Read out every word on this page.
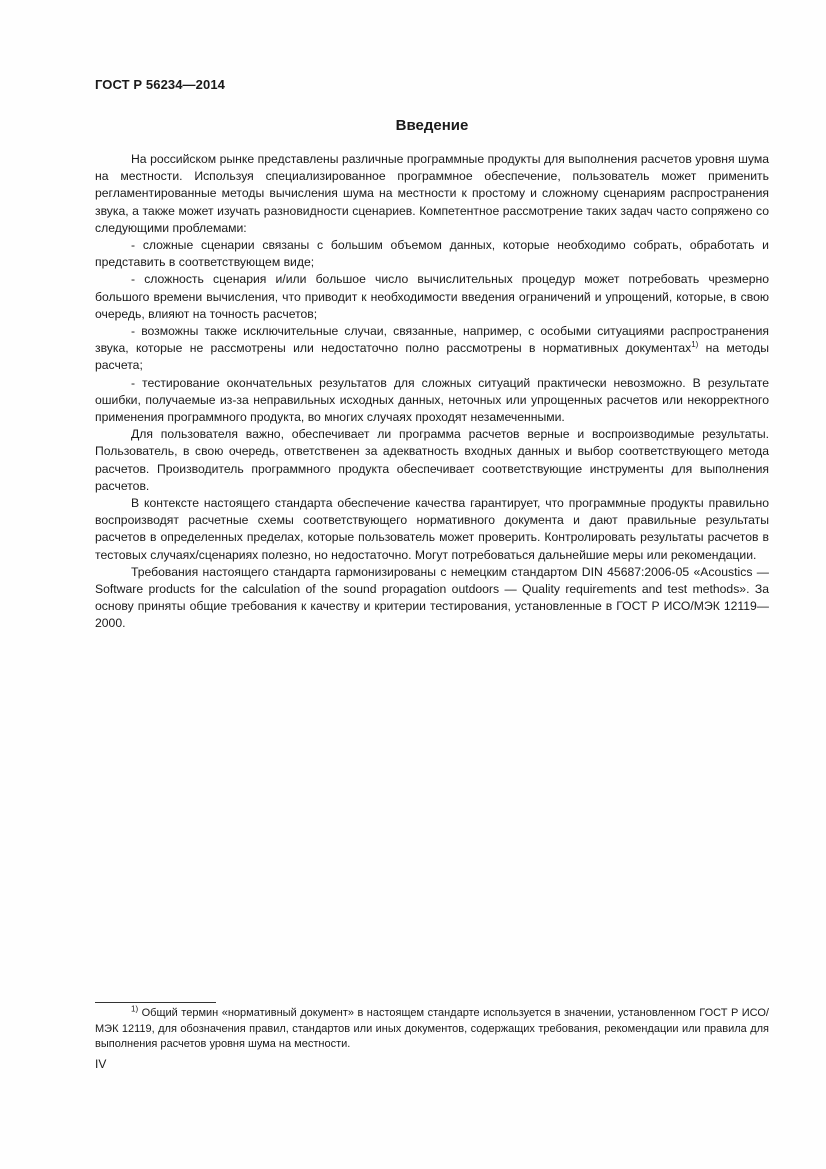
ГОСТ Р 56234—2014
Введение

На российском рынке представлены различные программные продукты для выполнения расчетов уровня шума на местности. Используя специализированное программное обеспечение, пользователь может применить регламентированные методы вычисления шума на местности к простому и сложному сценариям распространения звука, а также может изучать разновидности сценариев. Компетентное рассмотрение таких задач часто сопряжено со следующими проблемами:

- сложные сценарии связаны с большим объемом данных, которые необходимо собрать, обработать и представить в соответствующем виде;

- сложность сценария и/или большое число вычислительных процедур может потребовать чрезмерно большого времени вычисления, что приводит к необходимости введения ограничений и упрощений, которые, в свою очередь, влияют на точность расчетов;

- возможны также исключительные случаи, связанные, например, с особыми ситуациями распространения звука, которые не рассмотрены или недостаточно полно рассмотрены в нормативных документах$^{1)}$ на методы расчета;

- тестирование окончательных результатов для сложных ситуаций практически невозможно. В результате ошибки, получаемые из-за неправильных исходных данных, неточных или упрощенных расчетов или некорректного применения программного продукта, во многих случаях проходят незамеченными.

Для пользователя важно, обеспечивает ли программа расчетов верные и воспроизводимые результаты. Пользователь, в свою очередь, ответственен за адекватность входных данных и выбор соответствующего метода расчетов. Производитель программного продукта обеспечивает соответствующие инструменты для выполнения расчетов.

В контексте настоящего стандарта обеспечение качества гарантирует, что программные продукты правильно воспроизводят расчетные схемы соответствующего нормативного документа и дают правильные результаты расчетов в определенных пределах, которые пользователь может проверить. Контролировать результаты расчетов в тестовых случаях/сценариях полезно, но недостаточно. Могут потребоваться дальнейшие меры или рекомендации.

Требования настоящего стандарта гармонизированы с немецким стандартом DIN 45687:2006-05 «Acoustics — Software products for the calculation of the sound propagation outdoors — Quality requirements and test methods». За основу приняты общие требования к качеству и критерии тестирования, установленные в ГОСТ Р ИСО/МЭК 12119—2000.

$^{1)}$ Общий термин «нормативный документ» в настоящем стандарте используется в значении, установленном ГОСТ Р ИСО/МЭК 12119, для обозначения правил, стандартов или иных документов, содержащих требования, рекомендации или правила для выполнения расчетов уровня шума на местности.
IV
